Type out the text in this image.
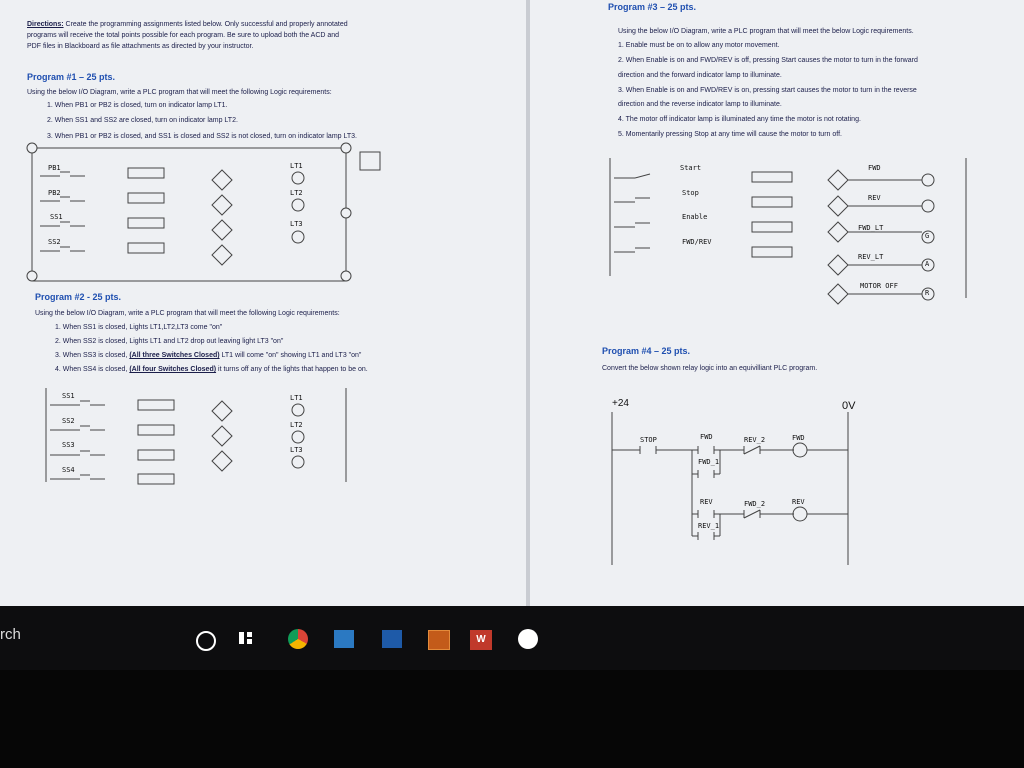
Directions: Create the programming assignments listed below. Only successful and properly annotated
programs will receive the total points possible for each program. Be sure to upload both the ACD and
PDF files in Blackboard as file attachments as directed by your instructor.
Program #1 – 25 pts.
Using the below I/O Diagram, write a PLC program that will meet the following Logic requirements:
1. When PB1 or PB2 is closed, turn on indicator lamp LT1.
2. When SS1 and SS2 are closed, turn on indicator lamp LT2.
3. When PB1 or PB2 is closed, and SS1 is closed and SS2 is not closed, turn on indicator lamp LT3.
PB1
PB2
SS1
SS2
LT1
LT2
LT3
Program #2 - 25 pts.
Using the below I/O Diagram, write a PLC program that will meet the following Logic requirements:
1. When SS1 is closed, Lights LT1,LT2,LT3 come "on"
2. When SS2 is closed, Lights LT1 and LT2 drop out leaving light LT3 "on"
3. When SS3 is closed, (All three Switches Closed) LT1 will come "on" showing LT1 and LT3 "on"
4. When SS4 is closed, (All four Switches Closed) it turns off any of the lights that happen to be on.
SS1
SS2
SS3
SS4
LT1
LT2
LT3
Program #3 – 25 pts.
Using the below I/O Diagram, write a PLC program that will meet the below Logic requirements.
1. Enable must be on to allow any motor movement.
2. When Enable is on and FWD/REV is off, pressing Start causes the motor to turn in the forward
direction and the forward indicator lamp to illuminate.
3. When Enable is on and FWD/REV is on, pressing start causes the motor to turn in the reverse
direction and the reverse indicator lamp to illuminate.
4. The motor off indicator lamp is illuminated any time the motor is not rotating.
5. Momentarily pressing Stop at any time will cause the motor to turn off.
Start
Stop
Enable
FWD/REV
FWD
REV
FWD_LT
REV_LT
MOTOR OFF
G
A
R
Program #4 – 25 pts.
Convert the below shown relay logic into an equivilliant PLC program.
+24	0V
STOP	FWD	REV_2	FWD
FWD_1
REV	FWD_2	REV
REV_1
rch	W
